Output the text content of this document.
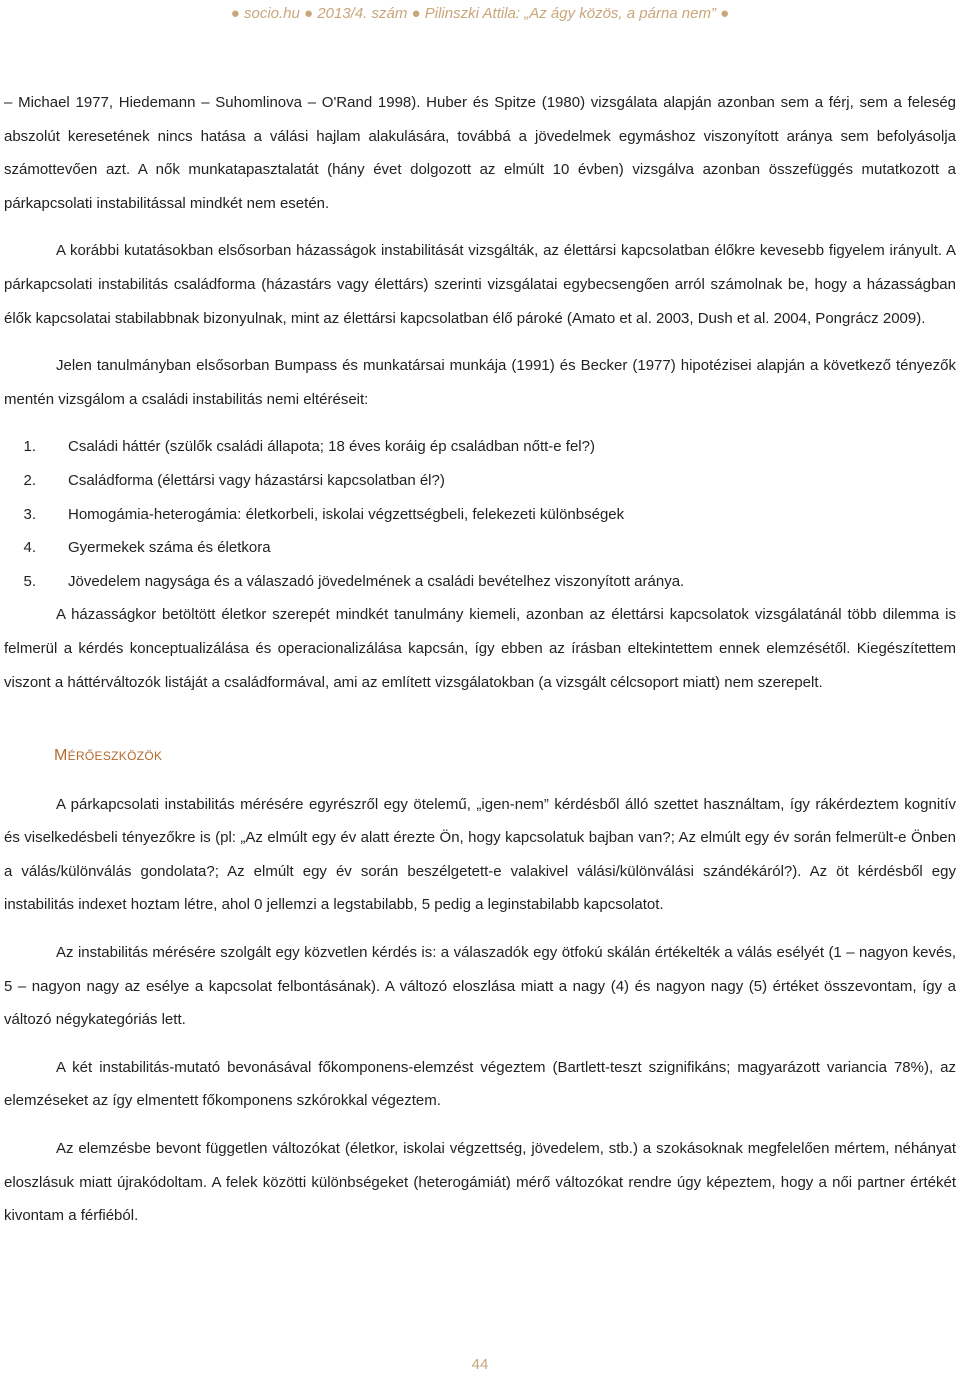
● socio.hu ● 2013/4. szám ● Pilinszki Attila: „Az ágy közös, a párna nem” ●

– Michael 1977, Hiedemann – Suhomlinova – O'Rand 1998). Huber és Spitze (1980) vizsgálata alapján azonban sem a férj, sem a feleség abszolút keresetének nincs hatása a válási hajlam alakulására, továbbá a jövedelmek egymáshoz viszonyított aránya sem befolyásolja számottevően azt. A nők munkatapasztalatát (hány évet dolgozott az elmúlt 10 évben) vizsgálva azonban összefüggés mutatkozott a párkapcsolati instabilitással mindkét nem esetén.

A korábbi kutatásokban elsősorban házasságok instabilitását vizsgálták, az élettársi kapcsolatban élőkre kevesebb figyelem irányult. A párkapcsolati instabilitás családforma (házastárs vagy élettárs) szerinti vizsgálatai egybecsengően arról számolnak be, hogy a házasságban élők kapcsolatai stabilabbnak bizonyulnak, mint az élettársi kapcsolatban élő pároké (Amato et al. 2003, Dush et al. 2004, Pongrácz 2009).

Jelen tanulmányban elsősorban Bumpass és munkatársai munkája (1991) és Becker (1977) hipotézisei alapján a következő tényezők mentén vizsgálom a családi instabilitás nemi eltéréseit:

1.	Családi háttér (szülők családi állapota; 18 éves koráig ép családban nőtt-e fel?)
2.	Családforma (élettársi vagy házastársi kapcsolatban él?)
3.	Homogámia-heterogámia: életkorbeli, iskolai végzettségbeli, felekezeti különbségek
4.	Gyermekek száma és életkora
5.	Jövedelem nagysága és a válaszadó jövedelmének a családi bevételhez viszonyított aránya.

A házasságkor betöltött életkor szerepét mindkét tanulmány kiemeli, azonban az élettársi kapcsolatok vizsgálatánál több dilemma is felmerül a kérdés konceptualizálása és operacionalizálása kapcsán, így ebben az írásban eltekintettem ennek elemzésétől. Kiegészítettem viszont a háttérváltozók listáját a családformával, ami az említett vizsgálatokban (a vizsgált célcsoport miatt) nem szerepelt.

MÉRŐESZKÖZÖK

A párkapcsolati instabilitás mérésére egyrészről egy ötelemű, „igen-nem” kérdésből álló szettet használtam, így rákérdeztem kognitív és viselkedésbeli tényezőkre is (pl: „Az elmúlt egy év alatt érezte Ön, hogy kapcsolatuk bajban van?; Az elmúlt egy év során felmerült-e Önben a válás/különválás gondolata?; Az elmúlt egy év során beszélgetett-e valakivel válási/különválási szándékáról?). Az öt kérdésből egy instabilitás indexet hoztam létre, ahol 0 jellemzi a legstabilabb, 5 pedig a leginstabilabb kapcsolatot.

Az instabilitás mérésére szolgált egy közvetlen kérdés is: a válaszadók egy ötfokú skálán értékelték a válás esélyét (1 – nagyon kevés, 5 – nagyon nagy az esélye a kapcsolat felbontásának). A változó eloszlása miatt a nagy (4) és nagyon nagy (5) értéket összevontam, így a változó négykategóriás lett.

A két instabilitás-mutató bevonásával főkomponens-elemzést végeztem (Bartlett-teszt szignifikáns; magyarázott variancia 78%), az elemzéseket az így elmentett főkomponens szkórokkal végeztem.

Az elemzésbe bevont független változókat (életkor, iskolai végzettség, jövedelem, stb.) a szokásoknak megfelelően mértem, néhányat eloszlásuk miatt újrakódoltam. A felek közötti különbségeket (heterogámiát) mérő változókat rendre úgy képeztem, hogy a női partner értékét kivontam a férfiéból.

44
